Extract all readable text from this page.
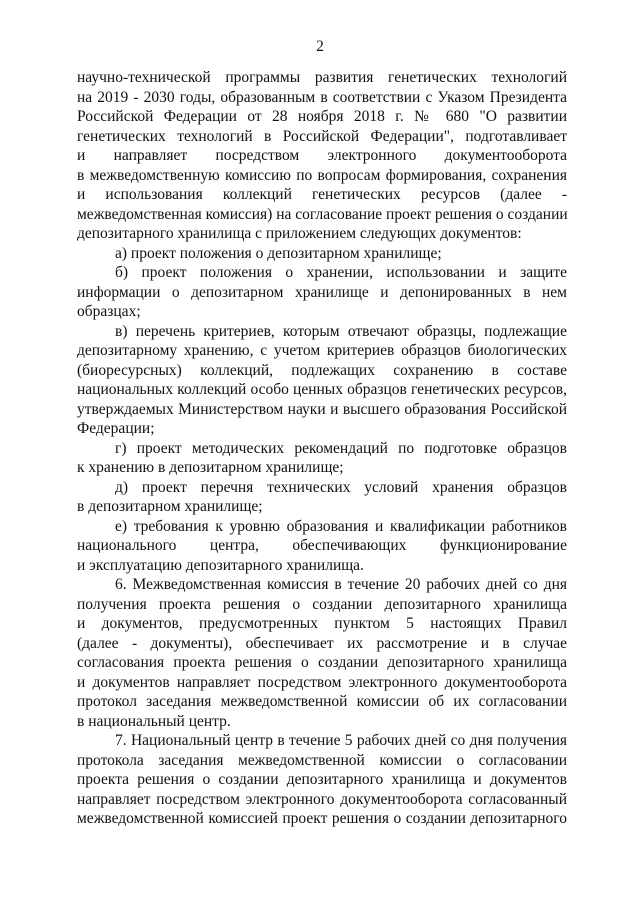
2
научно-технической программы развития генетических технологий
на 2019 - 2030 годы, образованным в соответствии с Указом Президента
Российской Федерации от 28 ноября 2018 г. № 680 "О развитии
генетических технологий в Российской Федерации", подготавливает
и направляет посредством электронного документооборота
в межведомственную комиссию по вопросам формирования, сохранения
и использования коллекций генетических ресурсов (далее -
межведомственная комиссия) на согласование проект решения о создании
депозитарного хранилища с приложением следующих документов:
а) проект положения о депозитарном хранилище;
б) проект положения о хранении, использовании и защите
информации о депозитарном хранилище и депонированных в нем
образцах;
в) перечень критериев, которым отвечают образцы, подлежащие
депозитарному хранению, с учетом критериев образцов биологических
(биоресурсных) коллекций, подлежащих сохранению в составе
национальных коллекций особо ценных образцов генетических ресурсов,
утверждаемых Министерством науки и высшего образования Российской
Федерации;
г) проект методических рекомендаций по подготовке образцов
к хранению в депозитарном хранилище;
д) проект перечня технических условий хранения образцов
в депозитарном хранилище;
е) требования к уровню образования и квалификации работников
национального центра, обеспечивающих функционирование
и эксплуатацию депозитарного хранилища.
6. Межведомственная комиссия в течение 20 рабочих дней со дня
получения проекта решения о создании депозитарного хранилища
и документов, предусмотренных пунктом 5 настоящих Правил
(далее - документы), обеспечивает их рассмотрение и в случае
согласования проекта решения о создании депозитарного хранилища
и документов направляет посредством электронного документооборота
протокол заседания межведомственной комиссии об их согласовании
в национальный центр.
7. Национальный центр в течение 5 рабочих дней со дня получения
протокола заседания межведомственной комиссии о согласовании
проекта решения о создании депозитарного хранилища и документов
направляет посредством электронного документооборота согласованный
межведомственной комиссией проект решения о создании депозитарного
